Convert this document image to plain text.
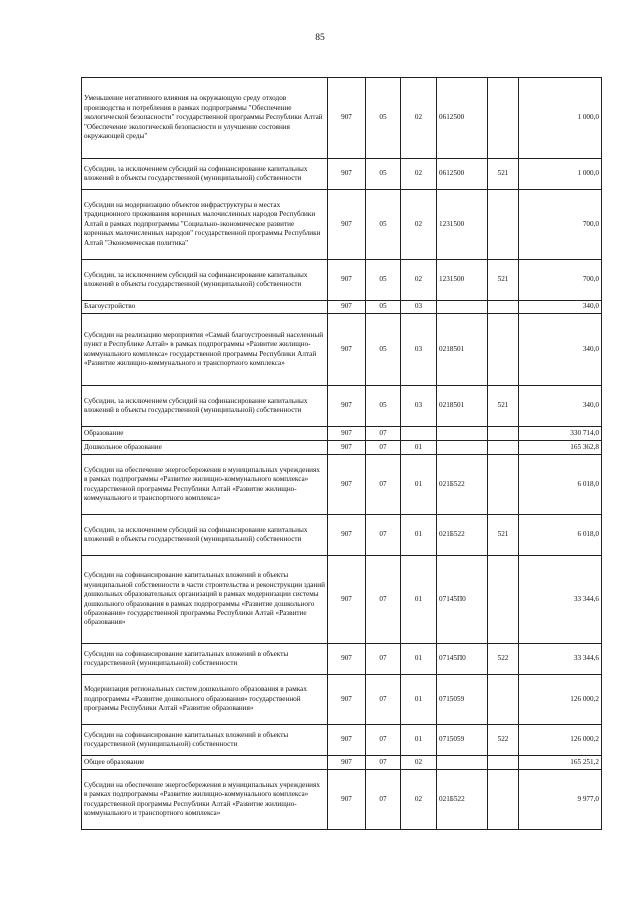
85
Уменьшение негативного влияния на окружающую среду отходов производства и потребления в рамках подпрограммы "Обеспечение экологической безопасности" государственной программы Республики Алтай "Обеспечение экологической безопасности и улучшение состояния окружающей среды"	907	05	02	0612500		1 000,0
Субсидии, за исключением субсидий на софинансирование капитальных вложений в объекты государственной (муниципальной) собственности	907	05	02	0612500	521	1 000,0
Субсидии на модернизацию объектов инфраструктуры в местах традиционного проживания коренных малочисленных народов Республики Алтай в рамках подпрограммы "Социально-экономическое развитие коренных малочисленных народов" государственной программы Республики Алтай "Экономическая политика"	907	05	02	1231500		700,0
Субсидии, за исключением субсидий на софинансирование капитальных вложений в объекты государственной (муниципальной) собственности	907	05	02	1231500	521	700,0
Благоустройство	907	05	03			340,0
Субсидии на реализацию мероприятия «Самый благоустроенный населенный пункт в Республике Алтай» в рамках подпрограммы «Развитие жилищно-коммунального комплекса» государственной программы Республики Алтай «Развитие жилищно-коммунального и транспортного комплекса»	907	05	03	0218501		340,0
Субсидии, за исключением субсидий на софинансирование капитальных вложений в объекты государственной (муниципальной) собственности	907	05	03	0218501	521	340,0
Образование	907	07				330 714,0
Дошкольное образование	907	07	01			165 362,8
Субсидии на обеспечение энергосбережения в муниципальных учреждениях в рамках подпрограммы «Развитие жилищно-коммунального комплекса» государственной программы Республики Алтай «Развитие жилищно-коммунального и транспортного комплекса»	907	07	01	021Б522		6 018,0
Субсидии, за исключением субсидий на софинансирование капитальных вложений в объекты государственной (муниципальной) собственности	907	07	01	021Б522	521	6 018,0
Субсидии на софинансирование капитальных вложений в объекты муниципальной собственности в части строительства и реконструкции зданий дошкольных образовательных организаций в рамках модернизации системы дошкольного образования в рамках подпрограммы «Развитие дошкольного образования» государственной программы Республики Алтай «Развитие образования»	907	07	01	07145П0		33 344,6
Субсидии на софинансирование капитальных вложений в объекты государственной (муниципальной) собственности	907	07	01	07145П0	522	33 344,6
Модернизация региональных систем дошкольного образования в рамках подпрограммы «Развитие дошкольного образования» государственной программы Республики Алтай «Развитие образования»	907	07	01	0715059		126 000,2
Субсидии на софинансирование капитальных вложений в объекты государственной (муниципальной) собственности	907	07	01	0715059	522	126 000,2
Общее образование	907	07	02			165 251,2
Субсидии на обеспечение энергосбережения в муниципальных учреждениях в рамках подпрограммы «Развитие жилищно-коммунального комплекса» государственной программы Республики Алтай «Развитие жилищно-коммунального и транспортного комплекса»	907	07	02	021Б522		9 977,0
